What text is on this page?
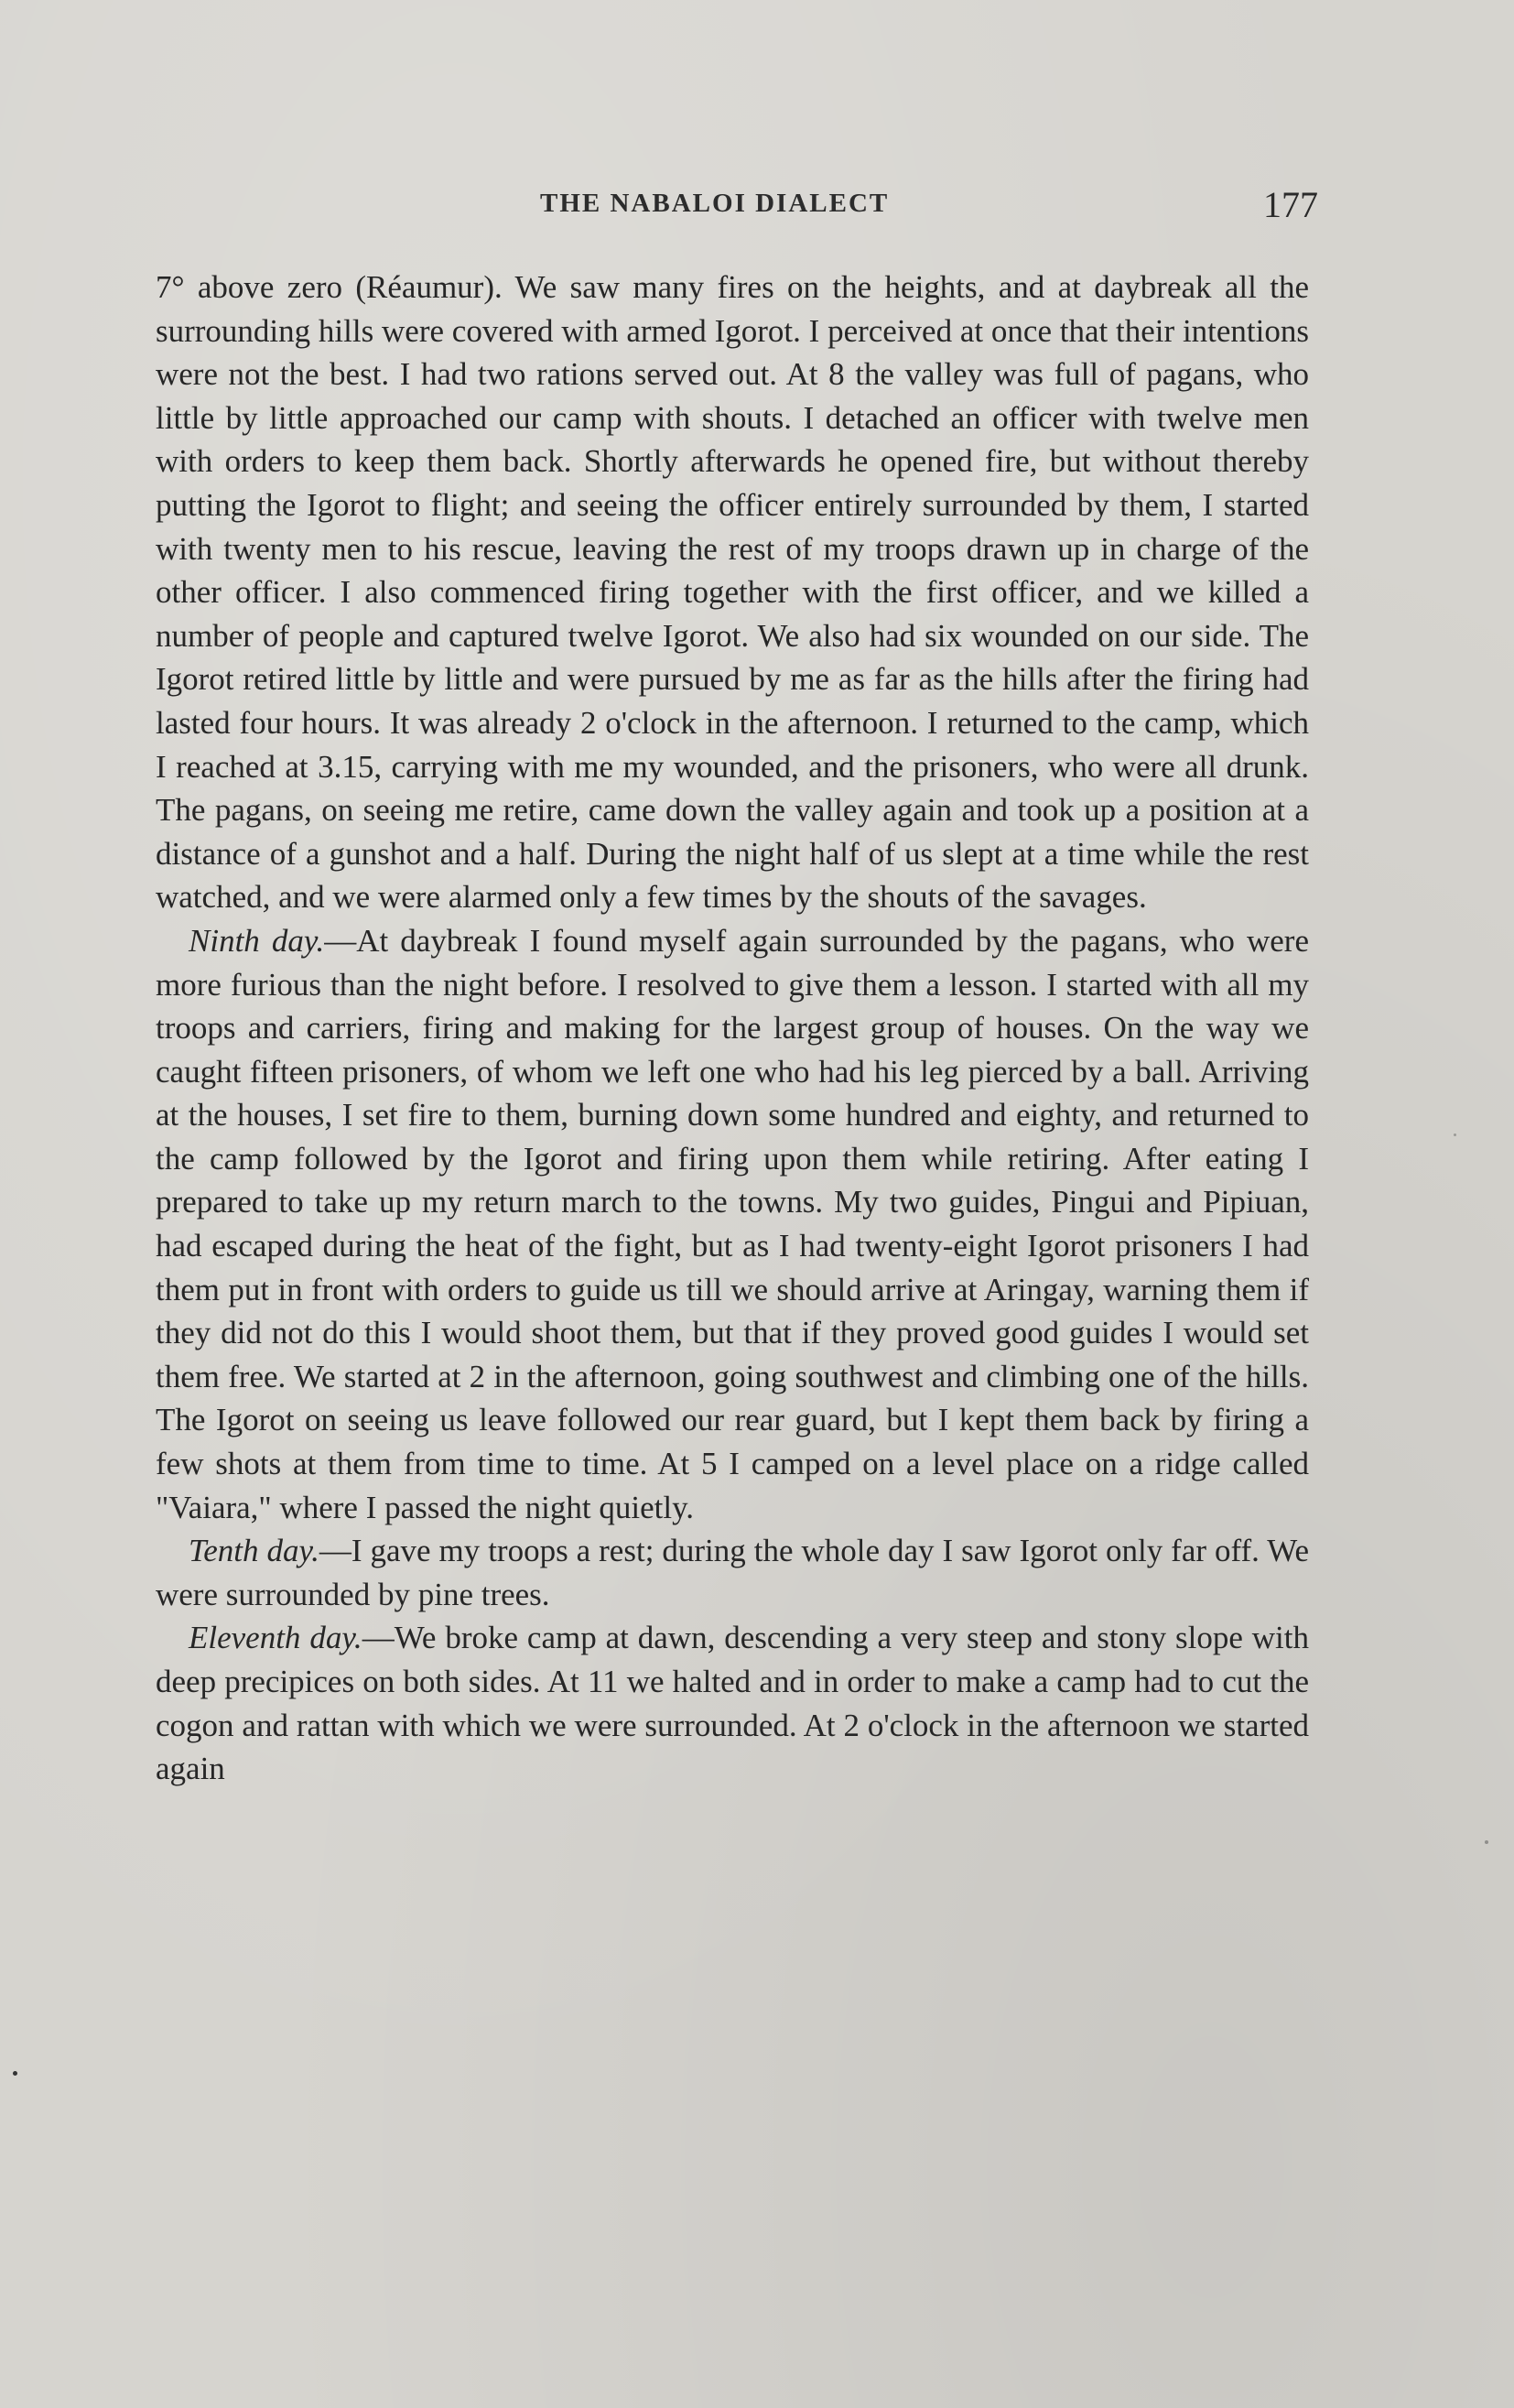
THE NABALOI DIALECT	177

7° above zero (Réaumur). We saw many fires on the heights, and at daybreak all the surrounding hills were covered with armed Igorot. I perceived at once that their intentions were not the best. I had two rations served out. At 8 the valley was full of pagans, who little by little approached our camp with shouts. I detached an officer with twelve men with orders to keep them back. Shortly afterwards he opened fire, but without thereby putting the Igorot to flight; and seeing the officer entirely surrounded by them, I started with twenty men to his rescue, leaving the rest of my troops drawn up in charge of the other officer. I also commenced firing together with the first officer, and we killed a number of people and captured twelve Igorot. We also had six wounded on our side. The Igorot retired little by little and were pursued by me as far as the hills after the firing had lasted four hours. It was already 2 o'clock in the afternoon. I returned to the camp, which I reached at 3.15, carrying with me my wounded, and the prisoners, who were all drunk. The pagans, on seeing me retire, came down the valley again and took up a position at a distance of a gunshot and a half. During the night half of us slept at a time while the rest watched, and we were alarmed only a few times by the shouts of the savages.

Ninth day.—At daybreak I found myself again surrounded by the pagans, who were more furious than the night before. I resolved to give them a lesson. I started with all my troops and carriers, firing and making for the largest group of houses. On the way we caught fifteen prisoners, of whom we left one who had his leg pierced by a ball. Arriving at the houses, I set fire to them, burning down some hundred and eighty, and returned to the camp followed by the Igorot and firing upon them while retiring. After eating I prepared to take up my return march to the towns. My two guides, Pingui and Pipiuan, had escaped during the heat of the fight, but as I had twenty-eight Igorot prisoners I had them put in front with orders to guide us till we should arrive at Aringay, warning them if they did not do this I would shoot them, but that if they proved good guides I would set them free. We started at 2 in the afternoon, going southwest and climbing one of the hills. The Igorot on seeing us leave followed our rear guard, but I kept them back by firing a few shots at them from time to time. At 5 I camped on a level place on a ridge called "Vaiara," where I passed the night quietly.

Tenth day.—I gave my troops a rest; during the whole day I saw Igorot only far off. We were surrounded by pine trees.

Eleventh day.—We broke camp at dawn, descending a very steep and stony slope with deep precipices on both sides. At 11 we halted and in order to make a camp had to cut the cogon and rattan with which we were surrounded. At 2 o'clock in the afternoon we started again
